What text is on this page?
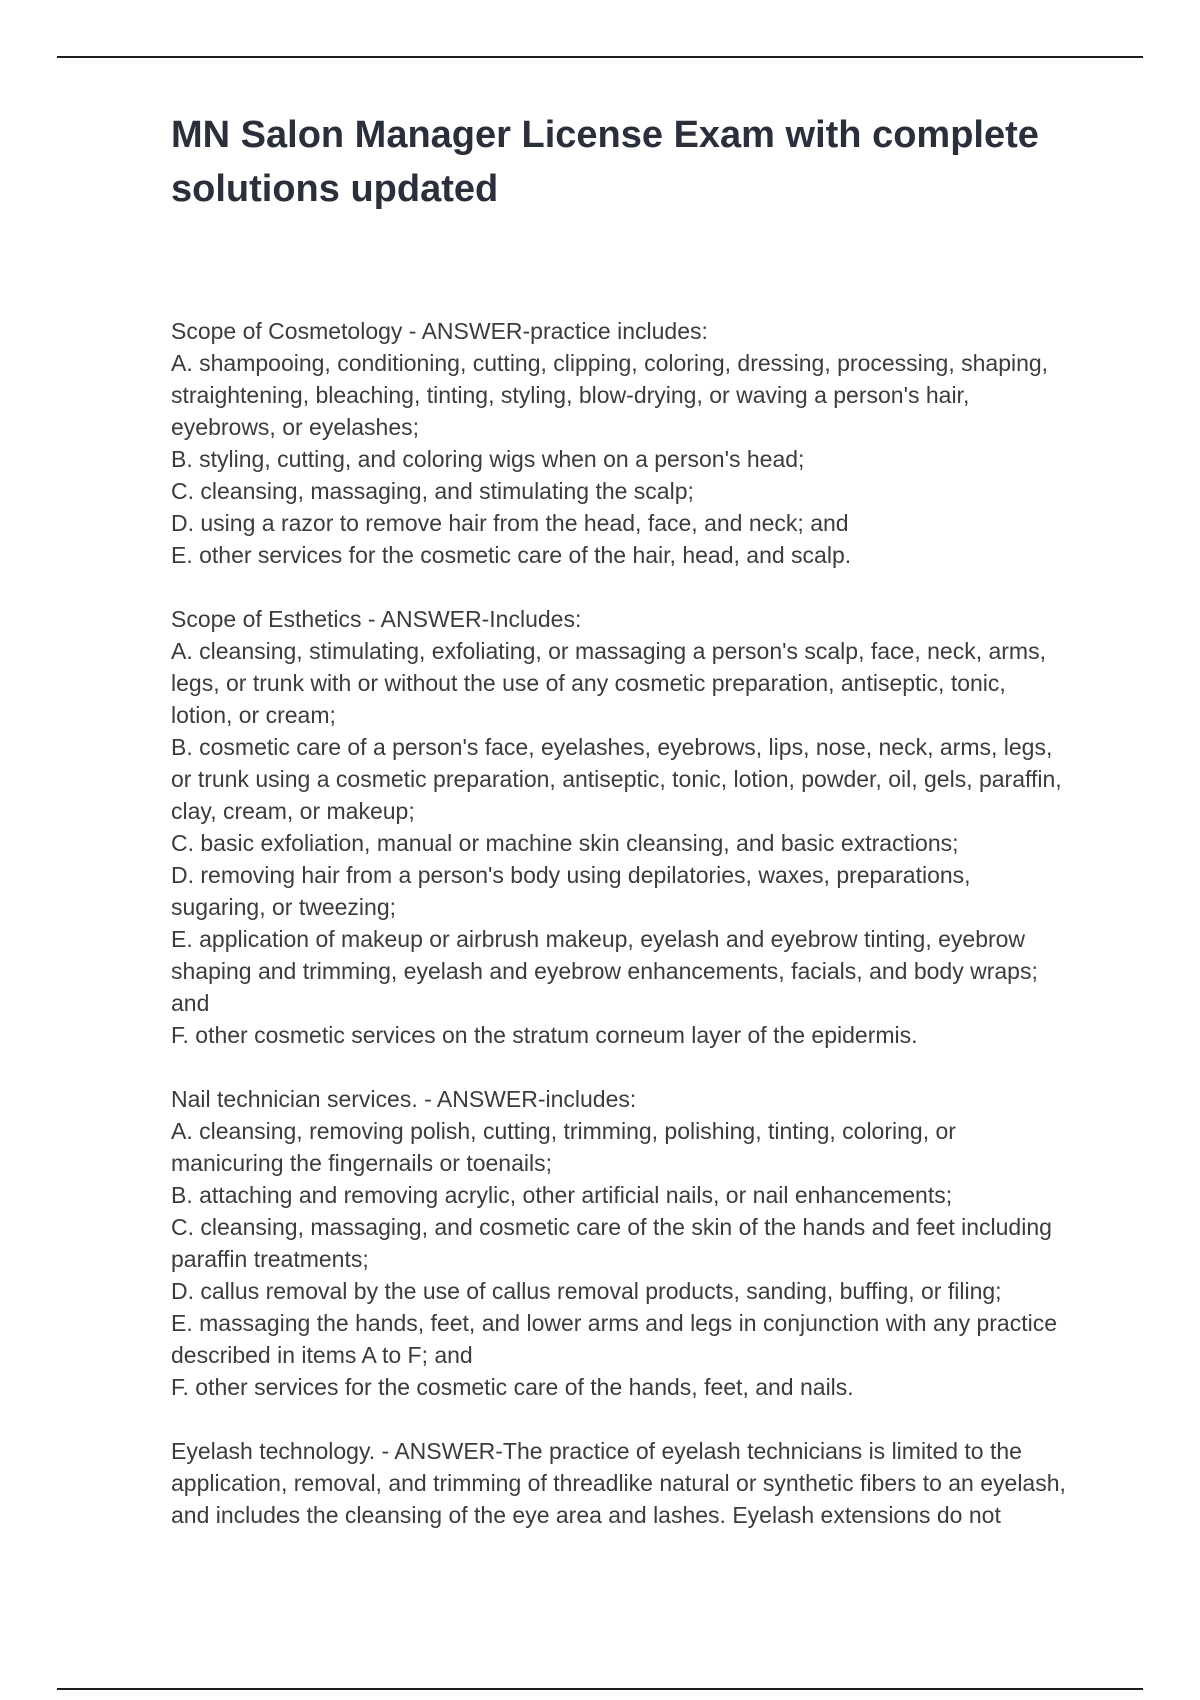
MN Salon Manager License Exam with complete
solutions updated
Scope of Cosmetology - ANSWER-practice includes:
A. shampooing, conditioning, cutting, clipping, coloring, dressing, processing, shaping,
straightening, bleaching, tinting, styling, blow-drying, or waving a person's hair,
eyebrows, or eyelashes;
B. styling, cutting, and coloring wigs when on a person's head;
C. cleansing, massaging, and stimulating the scalp;
D. using a razor to remove hair from the head, face, and neck; and
E. other services for the cosmetic care of the hair, head, and scalp.
Scope of Esthetics - ANSWER-Includes:
A. cleansing, stimulating, exfoliating, or massaging a person's scalp, face, neck, arms,
legs, or trunk with or without the use of any cosmetic preparation, antiseptic, tonic,
lotion, or cream;
B. cosmetic care of a person's face, eyelashes, eyebrows, lips, nose, neck, arms, legs,
or trunk using a cosmetic preparation, antiseptic, tonic, lotion, powder, oil, gels, paraffin,
clay, cream, or makeup;
C. basic exfoliation, manual or machine skin cleansing, and basic extractions;
D. removing hair from a person's body using depilatories, waxes, preparations,
sugaring, or tweezing;
E. application of makeup or airbrush makeup, eyelash and eyebrow tinting, eyebrow
shaping and trimming, eyelash and eyebrow enhancements, facials, and body wraps;
and
F. other cosmetic services on the stratum corneum layer of the epidermis.
Nail technician services. - ANSWER-includes:
A. cleansing, removing polish, cutting, trimming, polishing, tinting, coloring, or
manicuring the fingernails or toenails;
B. attaching and removing acrylic, other artificial nails, or nail enhancements;
C. cleansing, massaging, and cosmetic care of the skin of the hands and feet including
paraffin treatments;
D. callus removal by the use of callus removal products, sanding, buffing, or filing;
E. massaging the hands, feet, and lower arms and legs in conjunction with any practice
described in items A to F; and
F. other services for the cosmetic care of the hands, feet, and nails.
Eyelash technology. - ANSWER-The practice of eyelash technicians is limited to the
application, removal, and trimming of threadlike natural or synthetic fibers to an eyelash,
and includes the cleansing of the eye area and lashes. Eyelash extensions do not
